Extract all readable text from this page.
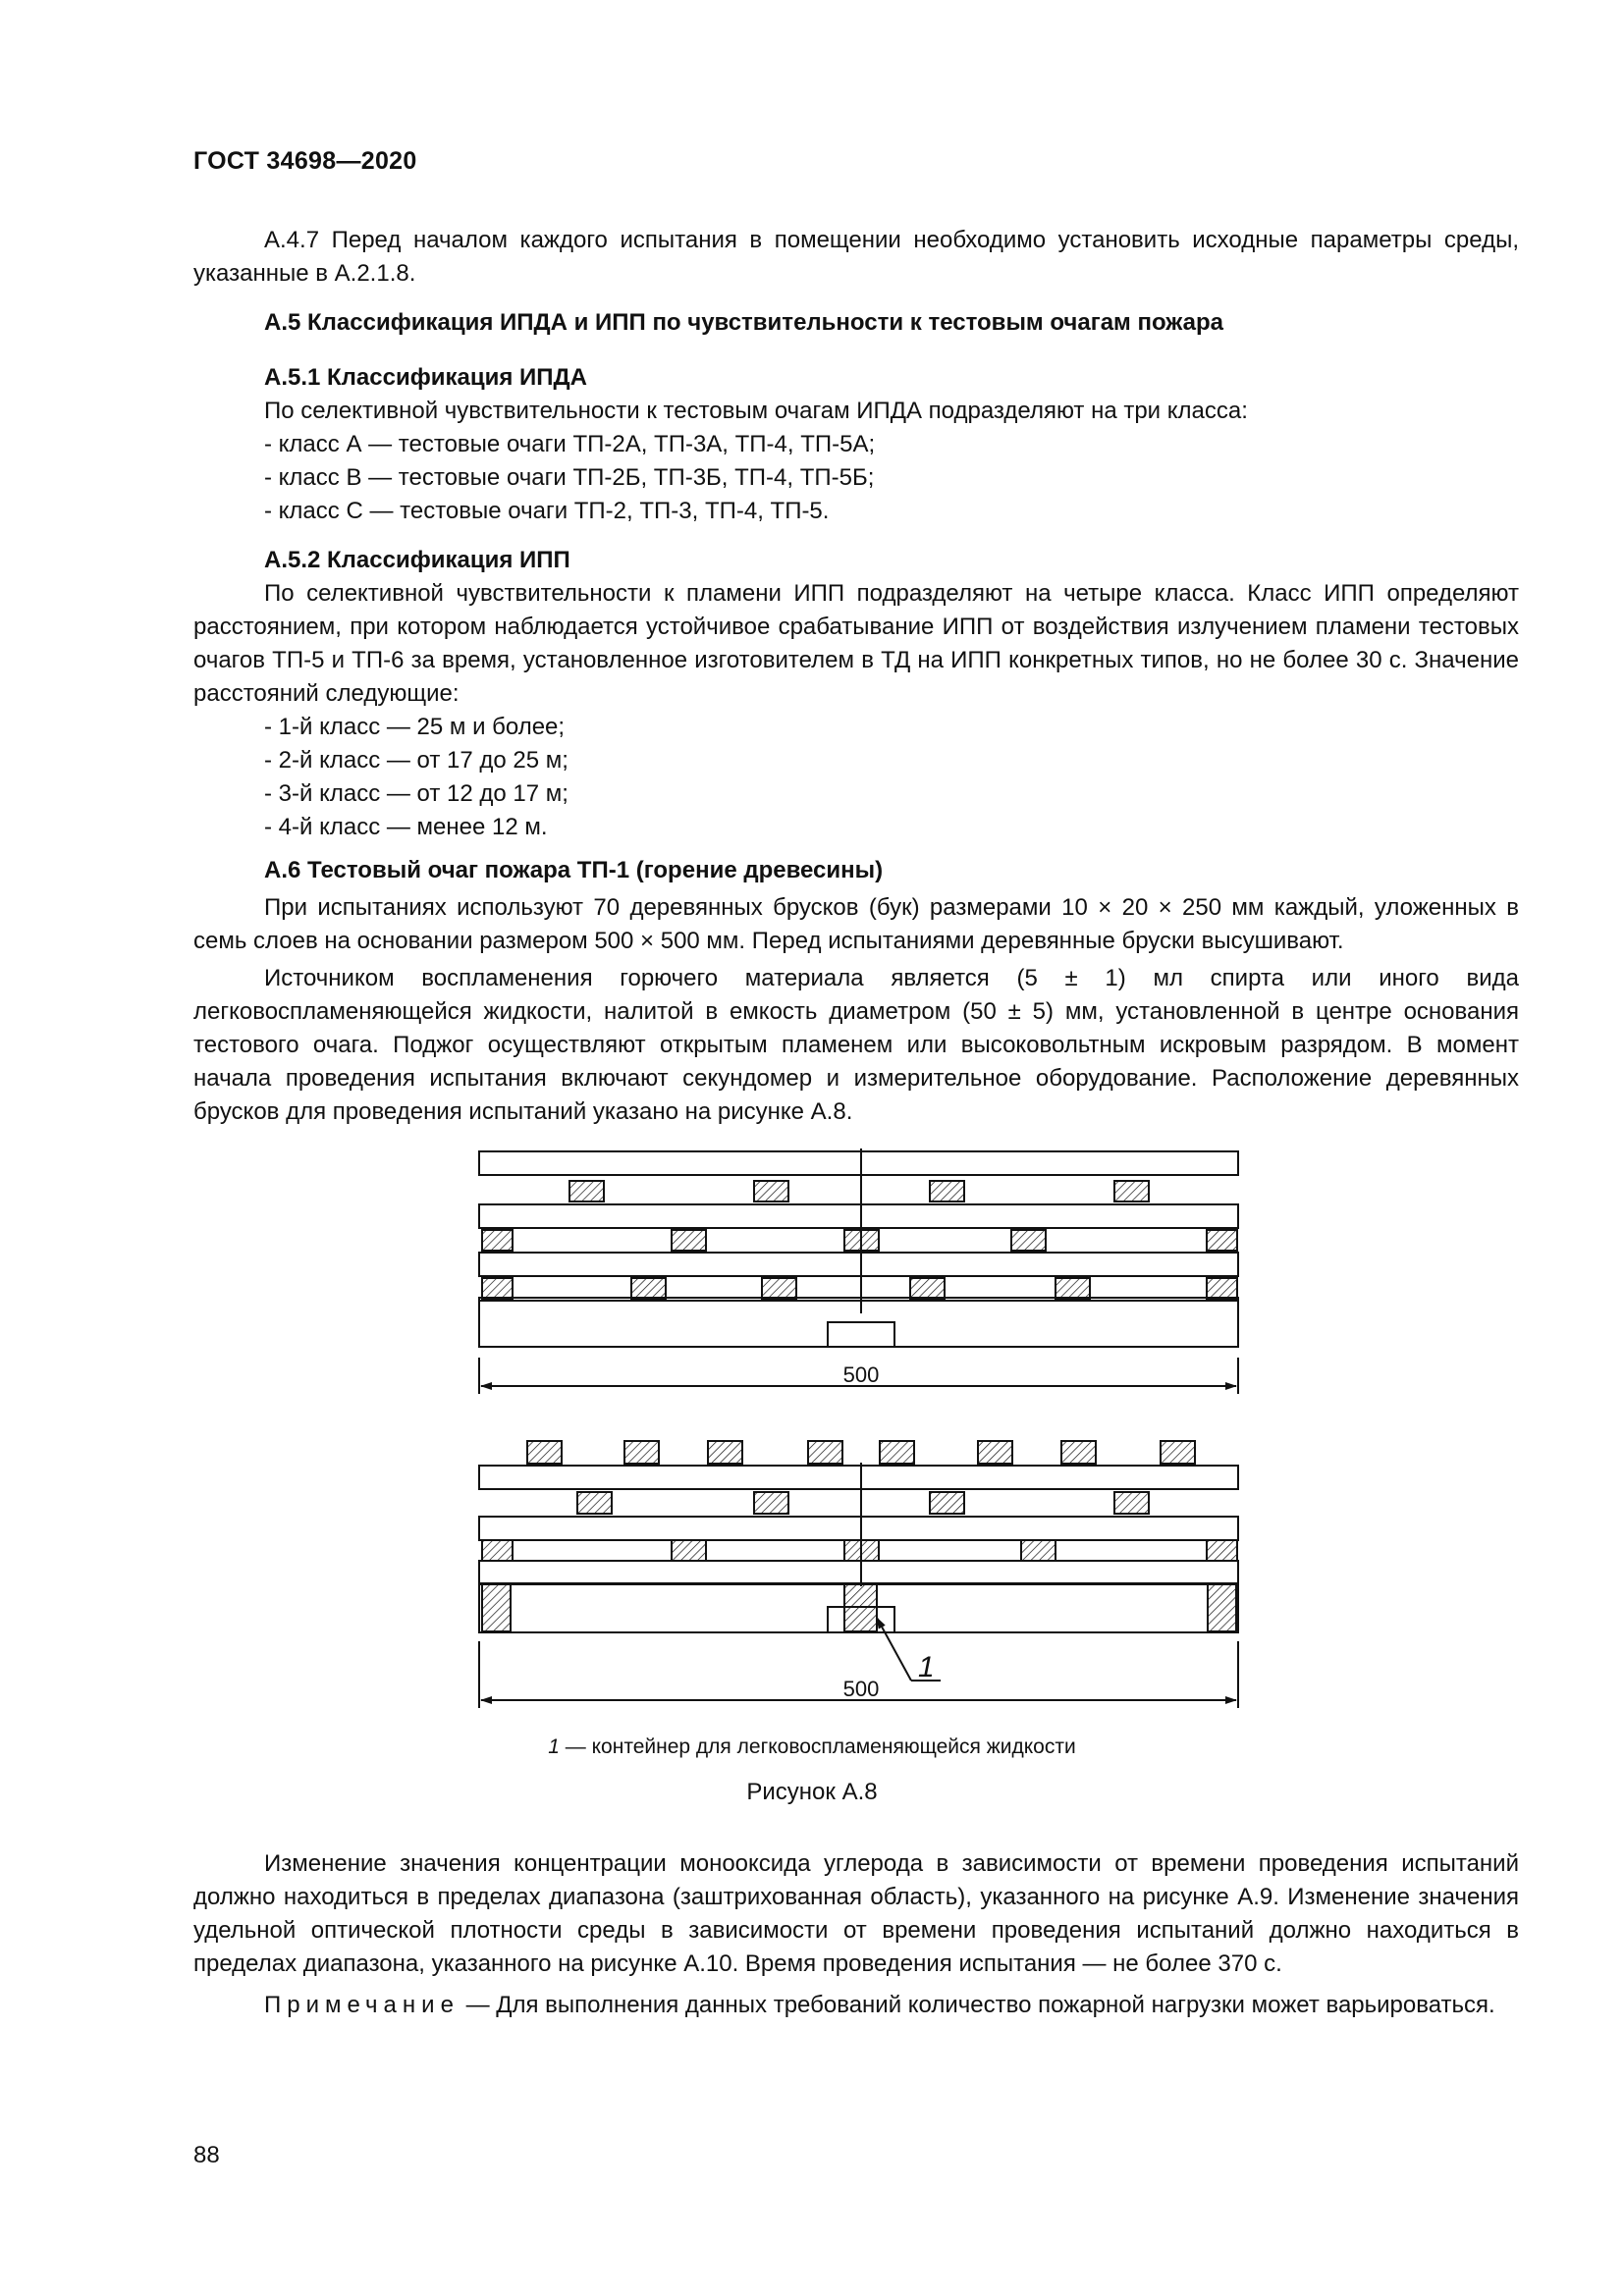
ГОСТ 34698—2020

А.4.7 Перед началом каждого испытания в помещении необходимо установить исходные параметры среды, указанные в А.2.1.8.

А.5 Классификация ИПДА и ИПП по чувствительности к тестовым очагам пожара

А.5.1 Классификация ИПДА

По селективной чувствительности к тестовым очагам ИПДА подразделяют на три класса:

- класс А — тестовые очаги ТП-2А, ТП-3А, ТП-4, ТП-5А;

- класс В — тестовые очаги ТП-2Б, ТП-3Б, ТП-4, ТП-5Б;

- класс С — тестовые очаги ТП-2, ТП-3, ТП-4, ТП-5.

А.5.2 Классификация ИПП

По селективной чувствительности к пламени ИПП подразделяют на четыре класса. Класс ИПП определяют расстоянием, при котором наблюдается устойчивое срабатывание ИПП от воздействия излучением пламени тестовых очагов ТП-5 и ТП-6 за время, установленное изготовителем в ТД на ИПП конкретных типов, но не более 30 с. Значение расстояний следующие:

- 1-й класс — 25 м и более;

- 2-й класс — от 17 до 25 м;

- 3-й класс — от 12 до 17 м;

- 4-й класс — менее 12 м.

А.6 Тестовый очаг пожара ТП-1 (горение древесины)

При испытаниях используют 70 деревянных брусков (бук) размерами 10 × 20 × 250 мм каждый, уложенных в семь слоев на основании размером 500 × 500 мм. Перед испытаниями деревянные бруски высушивают.

Источником воспламенения горючего материала является (5 ± 1) мл спирта или иного вида легковоспламеняющейся жидкости, налитой в емкость диаметром (50 ± 5) мм, установленной в центре основания тестового очага. Поджог осуществляют открытым пламенем или высоковольтным искровым разрядом. В момент начала проведения испытания включают секундомер и измерительное оборудование. Расположение деревянных брусков для проведения испытаний указано на рисунке А.8.

500
500
1
1 — контейнер для легковоспламеняющейся жидкости
Рисунок А.8

Изменение значения концентрации монооксида углерода в зависимости от времени проведения испытаний должно находиться в пределах диапазона (заштрихованная область), указанного на рисунке А.9. Изменение значения удельной оптической плотности среды в зависимости от времени проведения испытаний должно находиться в пределах диапазона, указанного на рисунке А.10. Время проведения испытания — не более 370 с.

Примечание — Для выполнения данных требований количество пожарной нагрузки может варьироваться.

88
